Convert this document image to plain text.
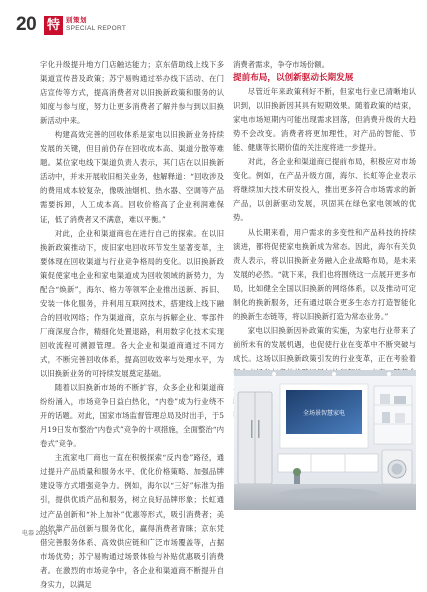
20 特 别策划
SPECIAL REPORT

字化升级提升地方门店触达能力；京东借助线上线下多渠道宣传普及政策；苏宁易购通过举办线下活动、在门店宣传等方式，提高消费者对以旧换新政策和服务的认知度与参与度，努力让更多消费者了解并参与到以旧换新活动中来。

构建高效完善的回收体系是家电以旧换新业务持续发展的关键，但目前仍存在回收成本高、渠道分散等难题。某位家电线下渠道负责人表示，其门店在以旧换新活动中，并未开展收旧相关业务，他解释道：“回收涉及的费用成本较复杂，像吸油烟机、热水器、空调等产品需要拆卸，人工成本高。回收价格高了企业利润难保证，低了消费者又不满意，难以平衡。”

对此，企业和渠道商也在进行自己的探索。在以旧换新政策推动下，废旧家电回收环节发生显著变革，主要体现在回收渠道与行业竞争格局的变化。以旧换新政策促使家电企业和家电渠道成为回收领域的新势力，为配合“焕新”，海尔、格力等领军企业推出送新、拆旧、安装一体化服务，并利用互联网技术，搭建线上线下融合的回收网络；作为渠道商，京东与拆解企业、零部件厂商深度合作，精细化处置退路，利用数字化技术实现回收流程可溯源管理。各大企业和渠道商通过不同方式，不断完善回收体系，提高回收效率与处理水平，为以旧换新业务的可持续发展奠定基础。

随着以旧换新市场的不断扩容，众多企业和渠道商纷纷涌入，市场竞争日益白热化，“内卷”成为行业绕不开的话题。对此，国家市场监督管理总局及时出手，于5月19日发布整治“内卷式”竞争的十项措施，全面整治“内卷式”竞争。

主流家电厂商也一直在积极探索“反内卷”路径，通过提升产品质量和服务水平、优化价格策略、加强品牌建设等方式增强竞争力。例如，海尔以“三好”标准为指引，提供优质产品和服务，树立良好品牌形象；长虹通过产品创新和“补上加补”优惠等形式，吸引消费者；美的依靠产品创新与服务优化，赢得消费者青睐；京东凭借完善服务体系、高效供应链和广泛市场覆盖等，占据市场优势；苏宁易购通过场景体验与补贴优惠吸引消费者。在激烈的市场竞争中，各企业和渠道商不断提升自身实力，以满足

消费者需求，争夺市场份额。

提前布局，以创新驱动长期发展

尽管近年来政策利好不断，但家电行业已清晰地认识到，以旧换新因其具有短期效果。随着政策的结束，家电市场短期内可能出现需求回落，但消费升级的大趋势不会改变。消费者将更加理性，对产品的智能、节能、健康等长期价值的关注度将进一步提升。

对此，各企业和渠道商已提前布局，积极应对市场变化。例如，在产品升级方面，海尔、长虹等企业表示将继续加大技术研发投入，推出更多符合市场需求的新产品，以创新驱动发展，巩固其在绿色家电领域的优势。

从长期来看，用户需求的多变性和产品科技的持续演进，都将促使家电换新成为常态。因此，海尔有关负责人表示，将以旧换新业务融入企业战略布局，是未来发展的必然。“就下来，我们也将围绕这一点展开更多布局，比如健全全国以旧换新的网络体系，以及推动可定制化的换新服务，还有通过联合更多生态方打造智能化的换新生态链等，将以旧换新打造为常态业务。”

家电以旧换新因补政策的实施，为家电行业带来了前所未有的发展机遇，也促使行业在变革中不断突破与成长。这场以旧换新政策引发的行业变革，正在考验着

全场景智慧家电
电器 2025 / 6
